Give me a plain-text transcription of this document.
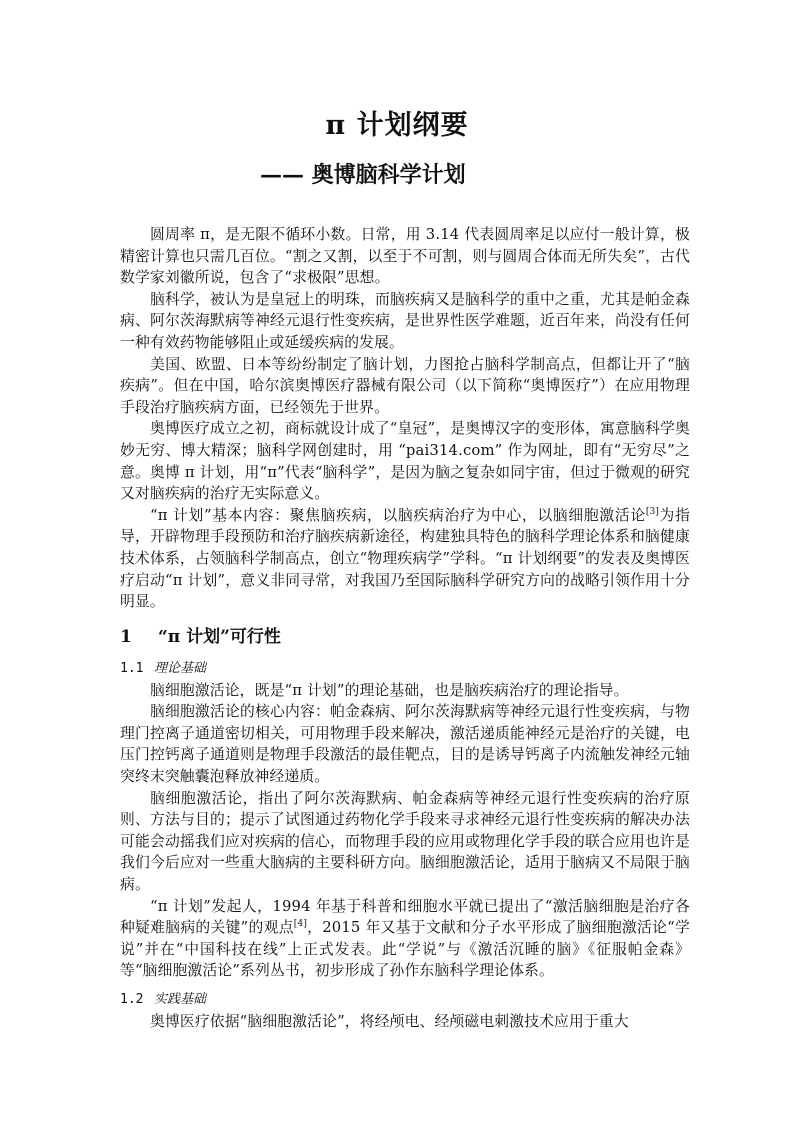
π 计划纲要
—— 奥博脑科学计划

圆周率 π，是无限不循环小数。日常，用 3.14 代表圆周率足以应付一般计算，极精密计算也只需几百位。“割之又割，以至于不可割，则与圆周合体而无所失矣”，古代数学家刘徽所说，包含了“求极限”思想。

脑科学，被认为是皇冠上的明珠，而脑疾病又是脑科学的重中之重，尤其是帕金森病、阿尔茨海默病等神经元退行性变疾病，是世界性医学难题，近百年来，尚没有任何一种有效药物能够阻止或延缓疾病的发展。

美国、欧盟、日本等纷纷制定了脑计划，力图抢占脑科学制高点，但都让开了“脑疾病”。但在中国，哈尔滨奥博医疗器械有限公司（以下简称“奥博医疗”）在应用物理手段治疗脑疾病方面，已经领先于世界。

奥博医疗成立之初，商标就设计成了“皇冠”，是奥博汉字的变形体，寓意脑科学奥妙无穷、博大精深；脑科学网创建时，用 “pai314.com” 作为网址，即有“无穷尽”之意。奥博 π 计划，用“π”代表“脑科学”，是因为脑之复杂如同宇宙，但过于微观的研究又对脑疾病的治疗无实际意义。

“π 计划”基本内容：聚焦脑疾病，以脑疾病治疗为中心，以脑细胞激活论[3]为指导，开辟物理手段预防和治疗脑疾病新途径，构建独具特色的脑科学理论体系和脑健康技术体系，占领脑科学制高点，创立“物理疾病学”学科。“π 计划纲要”的发表及奥博医疗启动“π 计划”，意义非同寻常，对我国乃至国际脑科学研究方向的战略引领作用十分明显。

1 “π 计划”可行性
1.1 理论基础

脑细胞激活论，既是“π 计划”的理论基础，也是脑疾病治疗的理论指导。

脑细胞激活论的核心内容：帕金森病、阿尔茨海默病等神经元退行性变疾病，与物理门控离子通道密切相关，可用物理手段来解决，激活递质能神经元是治疗的关键，电压门控钙离子通道则是物理手段激活的最佳靶点，目的是诱导钙离子内流触发神经元轴突终末突触囊泡释放神经递质。

脑细胞激活论，指出了阿尔茨海默病、帕金森病等神经元退行性变疾病的治疗原则、方法与目的；提示了试图通过药物化学手段来寻求神经元退行性变疾病的解决办法可能会动摇我们应对疾病的信心，而物理手段的应用或物理化学手段的联合应用也许是我们今后应对一些重大脑病的主要科研方向。脑细胞激活论，适用于脑病又不局限于脑病。

“π 计划”发起人，1994 年基于科普和细胞水平就已提出了“激活脑细胞是治疗各种疑难脑病的关键”的观点[4]，2015 年又基于文献和分子水平形成了脑细胞激活论“学说”并在“中国科技在线”上正式发表。此“学说”与《激活沉睡的脑》《征服帕金森》 等“脑细胞激活论”系列丛书，初步形成了孙作东脑科学理论体系。

1.2 实践基础

奥博医疗依据“脑细胞激活论”，将经颅电、经颅磁电刺激技术应用于重大
